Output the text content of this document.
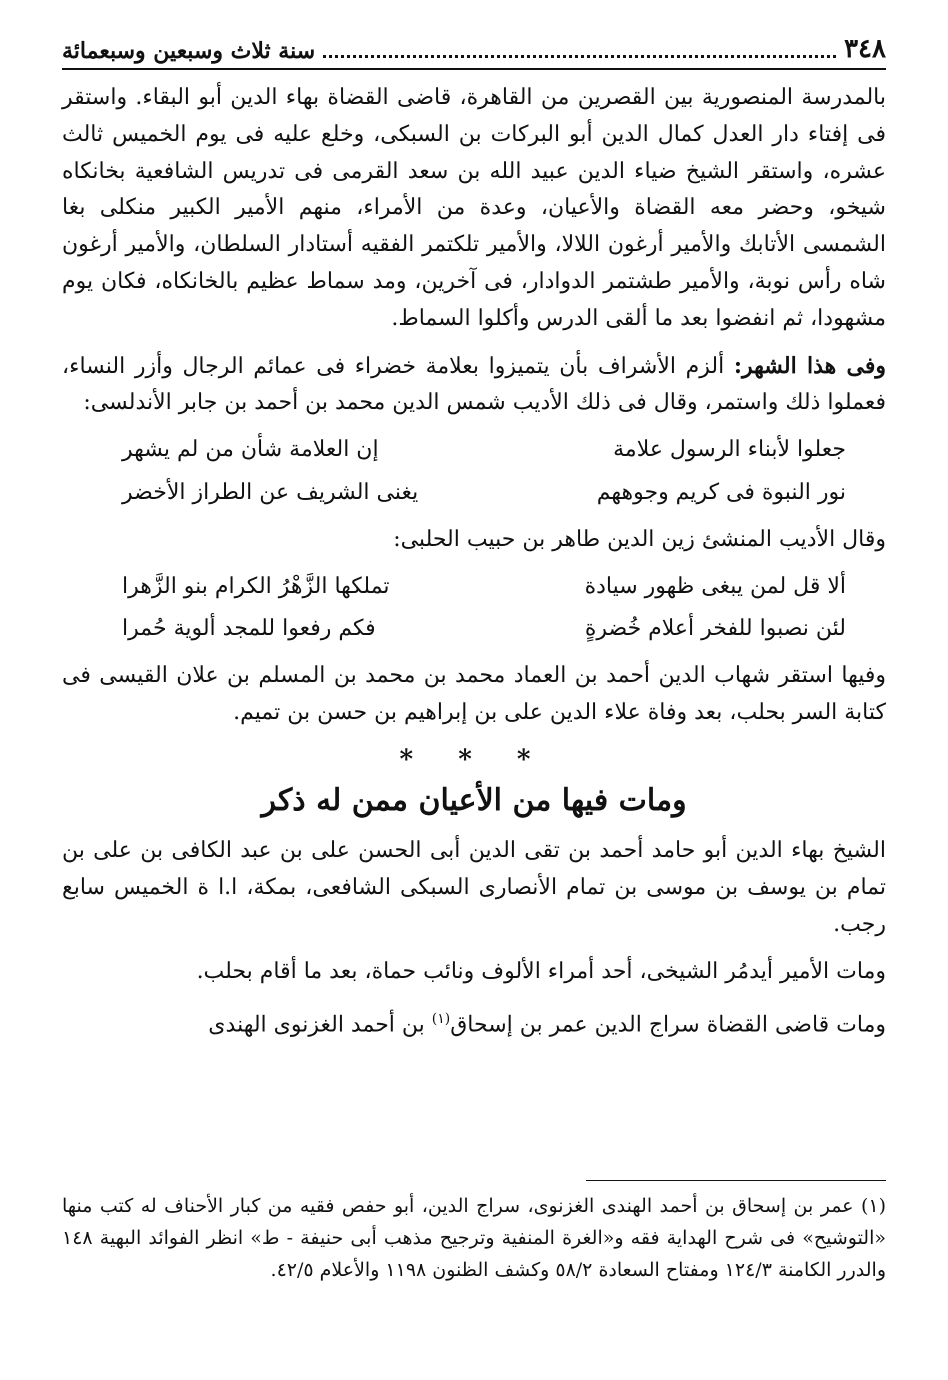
٣٤٨
سنة ثلاث وسبعين وسبعمائة

بالمدرسة المنصورية بين القصرين من القاهرة، قاضى القضاة بهاء الدين أبو البقاء. واستقر فى إفتاء دار العدل كمال الدين أبو البركات بن السبكى، وخلع عليه فى يوم الخميس ثالث عشره، واستقر الشيخ ضياء الدين عبيد الله بن سعد القرمى فى تدريس الشافعية بخانكاه شيخو، وحضر معه القضاة والأعيان، وعدة من الأمراء، منهم الأمير الكبير منكلى بغا الشمسى الأتابك والأمير أرغون اللالا، والأمير تلكتمر الفقيه أستادار السلطان، والأمير أرغون شاه رأس نوبة، والأمير طشتمر الدوادار، فى آخرين، ومد سماط عظيم بالخانكاه، فكان يوم مشهودا، ثم انفضوا بعد ما ألقى الدرس وأكلوا السماط.

وفى هذا الشهر: ألزم الأشراف بأن يتميزوا بعلامة خضراء فى عمائم الرجال وأزر النساء، فعملوا ذلك واستمر، وقال فى ذلك الأديب شمس الدين محمد بن أحمد بن جابر الأندلسى:

جعلوا لأبناء الرسول علامة
إن العلامة شأن من لم يشهر
نور النبوة فى كريم وجوههم
يغنى الشريف عن الطراز الأخضر

وقال الأديب المنشئ زين الدين طاهر بن حبيب الحلبى:

ألا قل لمن يبغى ظهور سيادة
تملكها الزَّهْرُ الكرام بنو الزَّهرا
لئن نصبوا للفخر أعلام خُضرةٍ
فكم رفعوا للمجد ألوية حُمرا

وفيها استقر شهاب الدين أحمد بن العماد محمد بن محمد بن المسلم بن علان القيسى فى كتابة السر بحلب، بعد وفاة علاء الدين على بن إبراهيم بن حسن بن تميم.

* * *
ومات فيها من الأعيان ممن له ذكر

الشيخ بهاء الدين أبو حامد أحمد بن تقى الدين أبى الحسن على بن عبد الكافى بن على بن تمام بن يوسف بن موسى بن تمام الأنصارى السبكى الشافعى، بمكة، ا.ا ة الخميس سابع رجب.

ومات الأمير أيدمُر الشيخى، أحد أمراء الألوف ونائب حماة، بعد ما أقام بحلب.

ومات قاضى القضاة سراج الدين عمر بن إسحاق$^{(١)}$ بن أحمد الغزنوى الهندى

(١) عمر بن إسحاق بن أحمد الهندى الغزنوى، سراج الدين، أبو حفص فقيه من كبار الأحناف له كتب منها «التوشيح» فى شرح الهداية فقه و«الغرة المنفية وترجيح مذهب أبى حنيفة - ط» انظر الفوائد البهية ١٤٨ والدرر الكامنة ١٢٤/٣ ومفتاح السعادة ٥٨/٢ وكشف الظنون ١١٩٨ والأعلام ٤٢/٥.
